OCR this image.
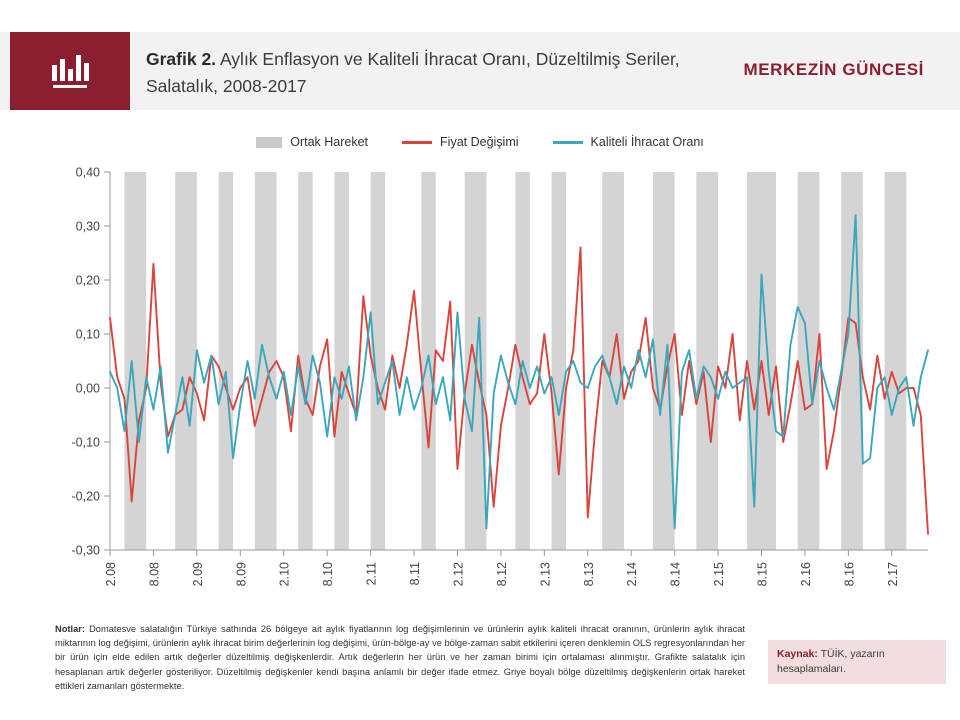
Grafik 2. Aylık Enflasyon ve Kaliteli İhracat Oranı, Düzeltilmiş Seriler, Salatalık, 2008-2017
MERKEZİN GÜNCESİ
Ortak Hareket	Fiyat Değişimi	Kaliteli İhracat Oranı
0,40
0,30
0,20
0,10
0,00
-0,10
-0,20
-0,30
2.08 8.08 2.09 8.09 2.10 8.10 2.11 8.11 2.12 8.12 2.13 8.13 2.14 8.14 2.15 8.15 2.16 8.16 2.17
Notlar: Domatesve salatalığın Türkiye sathında 26 bölgeye ait aylık fiyatlarının log değişimlerinin ve ürünlerin aylık kaliteli ihracat oranının, ürünlerin aylık ihracat miktarının log değişimi, ürünlerin aylık ihracat birim değerlerinin log değişimi, ürün-bölge-ay ve bölge-zaman sabit etkilerini içeren denklemin OLS regresyonlarından her bir ürün için elde edilen artık değerler düzeltilmiş değişkenlerdir. Artık değerlerin her ürün ve her zaman birimi için ortalaması alınmıştır. Grafikte salatalık için hesaplanan artık değerler gösteriliyor. Düzeltilmiş değişkenler kendi başına anlamlı bir değer ifade etmez. Griye boyalı bölge düzeltilmiş değişkenlerin ortak hareket ettikleri zamanları göstermekte.
Kaynak: TÜİK, yazarın hesaplamaları.
